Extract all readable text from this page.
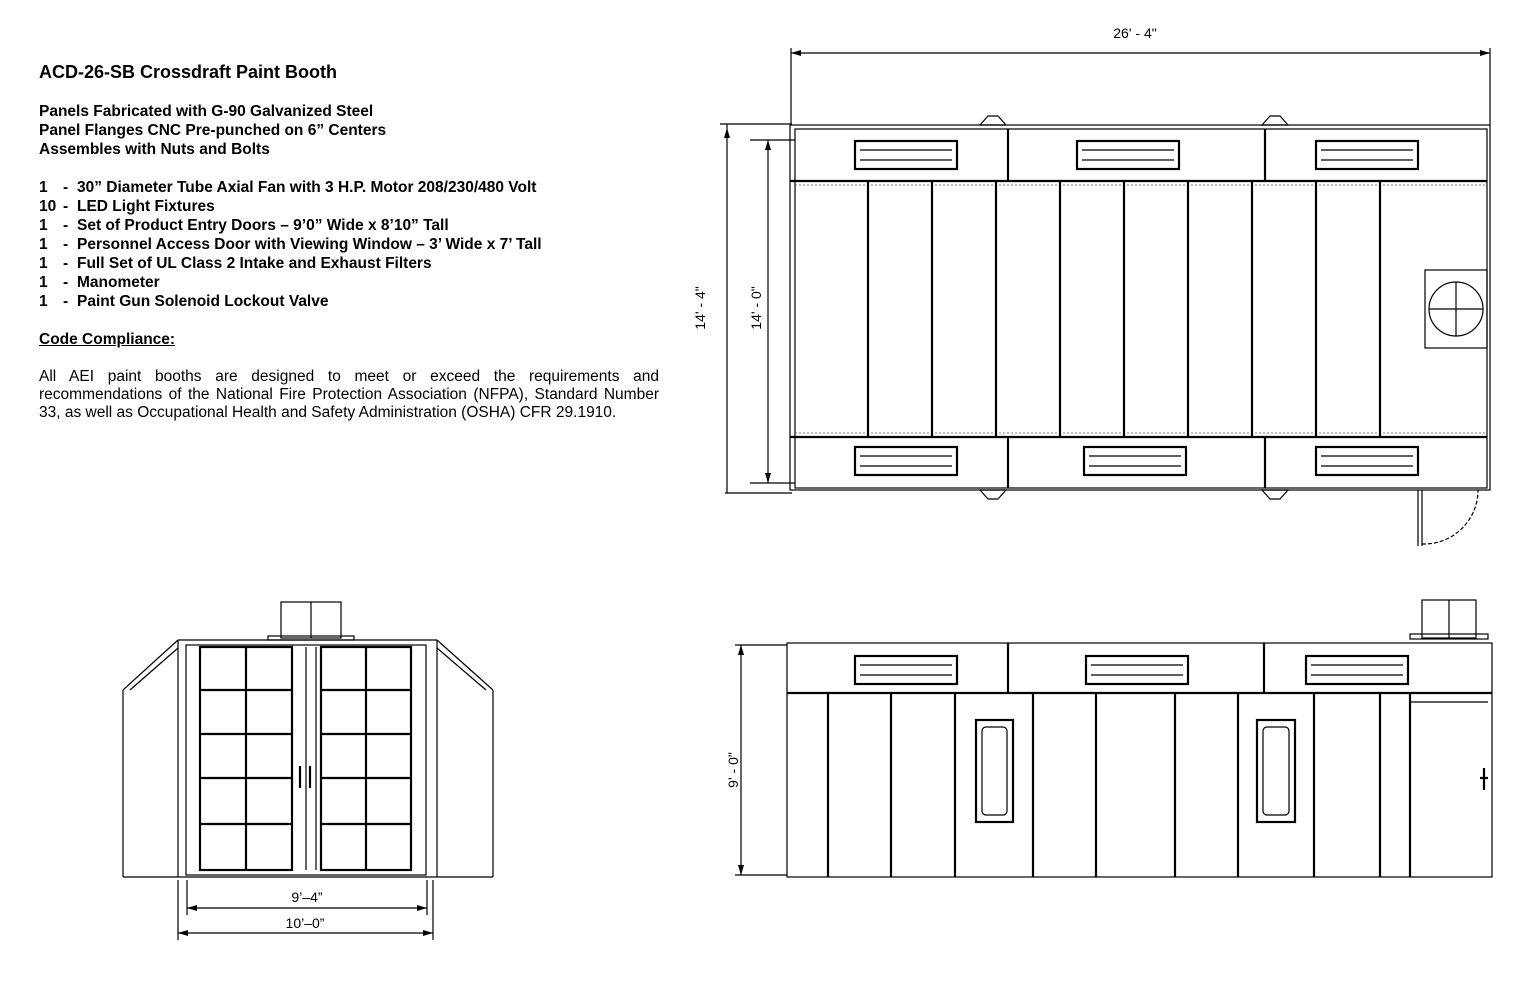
ACD-26-SB Crossdraft Paint Booth
Panels Fabricated with G-90 Galvanized Steel
Panel Flanges CNC Pre-punched on 6” Centers
Assembles with Nuts and Bolts
1 - 30” Diameter Tube Axial Fan with 3 H.P. Motor 208/230/480 Volt
10 - LED Light Fixtures
1 - Set of Product Entry Doors – 9’0” Wide x 8’10” Tall
1 - Personnel Access Door with Viewing Window – 3’ Wide x 7’ Tall
1 - Full Set of UL Class 2 Intake and Exhaust Filters
1 - Manometer
1 - Paint Gun Solenoid Lockout Valve
Code Compliance:
All AEI paint booths are designed to meet or exceed the requirements and recommendations of the National Fire Protection Association (NFPA), Standard Number 33, as well as Occupational Health and Safety Administration (OSHA) CFR 29.1910.
26' - 4"
14' - 4"	14' - 0"
9’–4”
10’–0”
9' - 0"
